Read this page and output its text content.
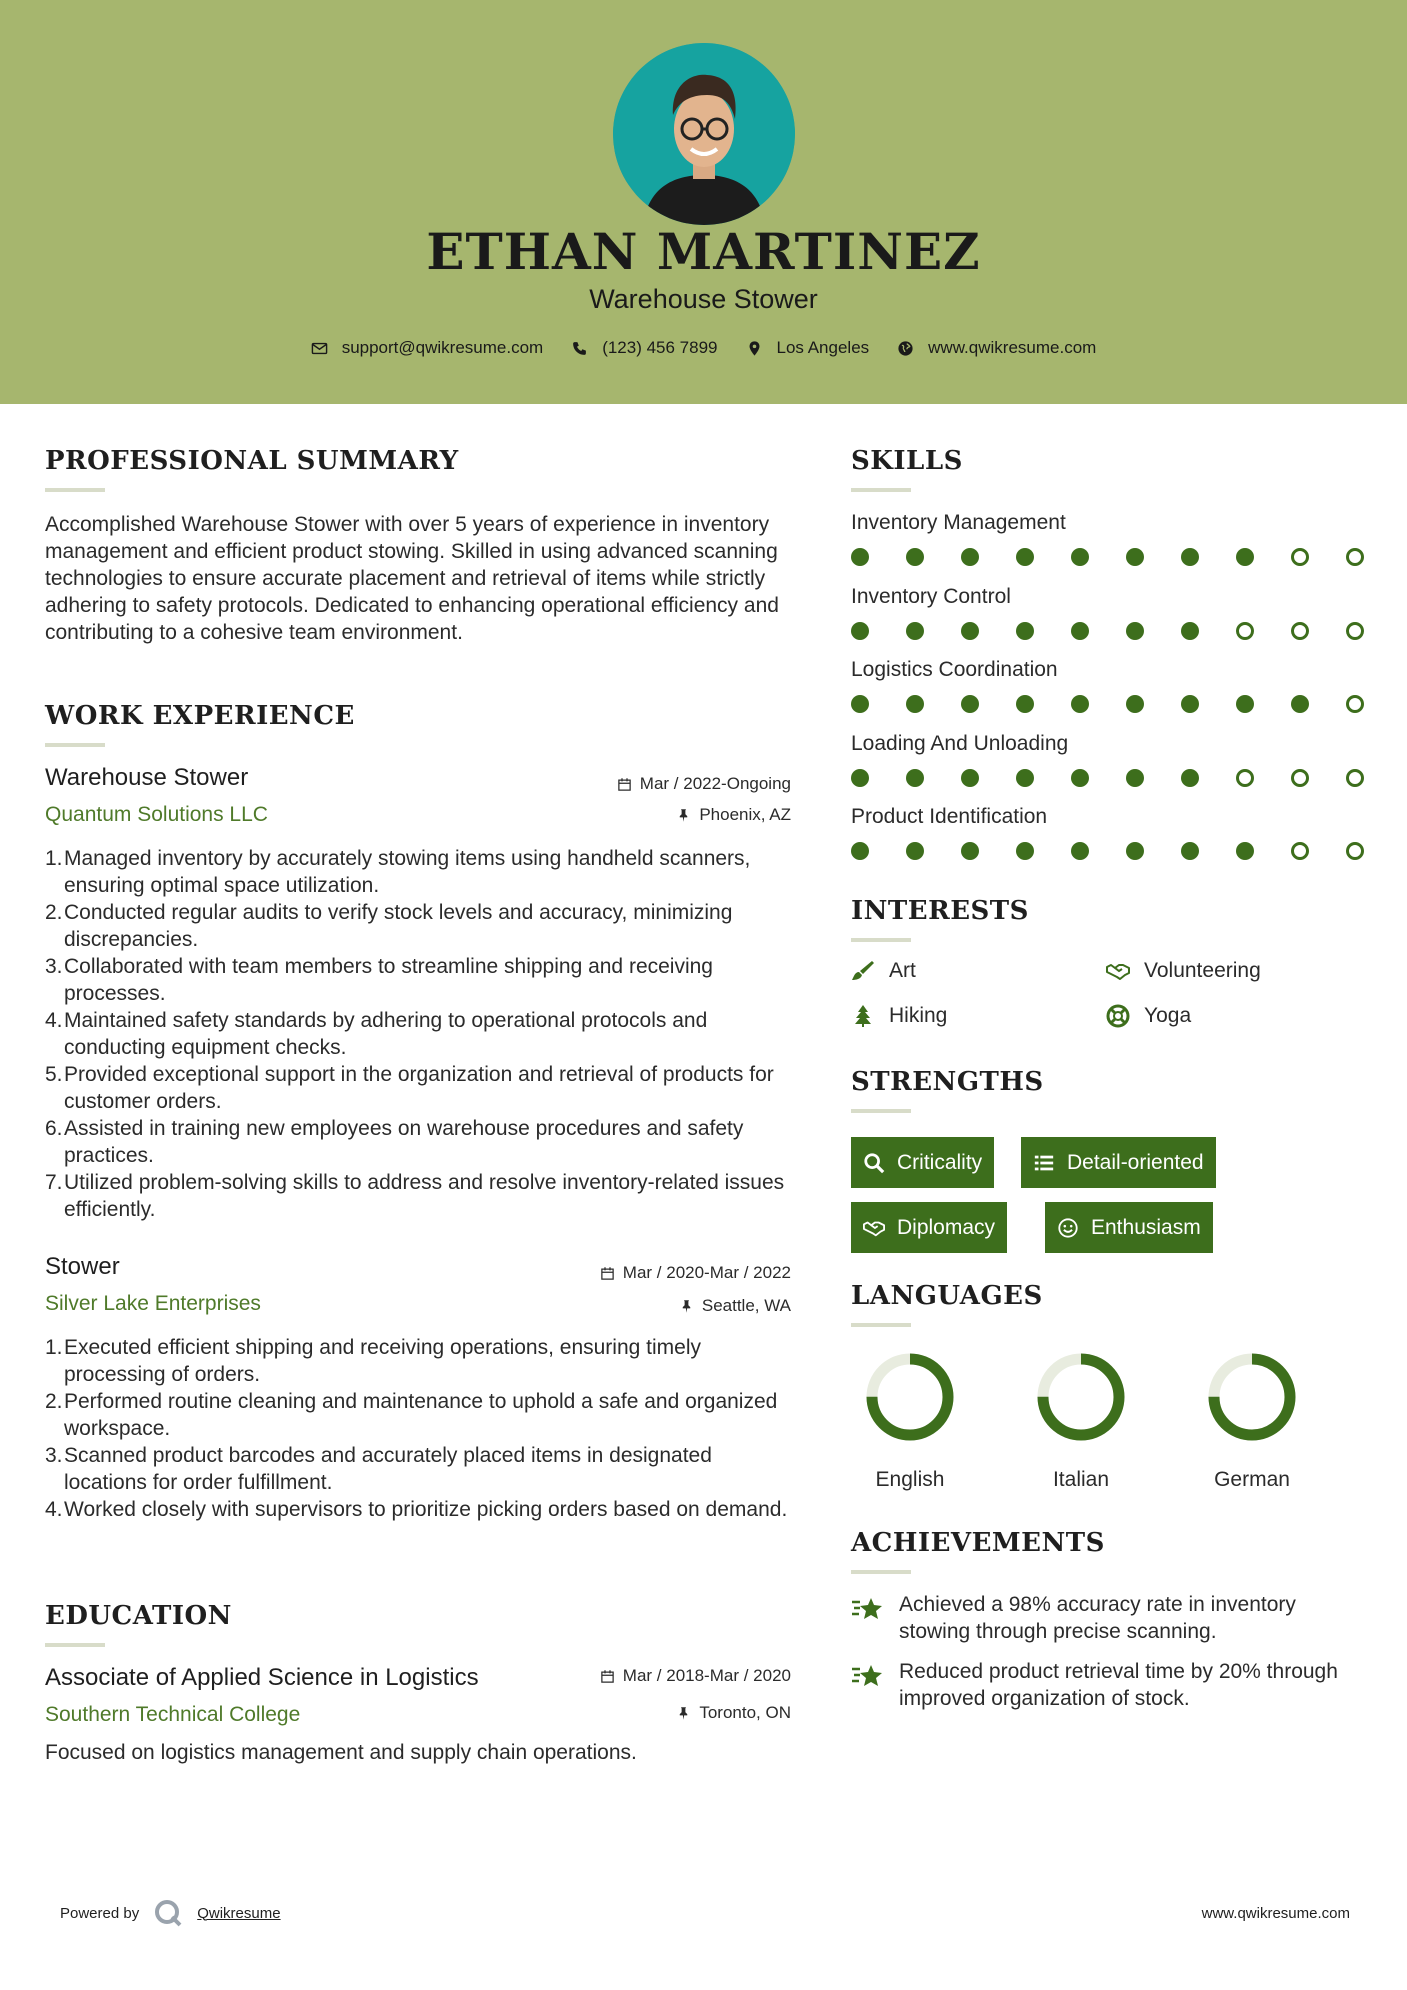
ETHAN MARTINEZ
Warehouse Stower
support@qwikresume.com	(123) 456 7899	Los Angeles	www.qwikresume.com
PROFESSIONAL SUMMARY
Accomplished Warehouse Stower with over 5 years of experience in inventory management and efficient product stowing. Skilled in using advanced scanning technologies to ensure accurate placement and retrieval of items while strictly adhering to safety protocols. Dedicated to enhancing operational efficiency and contributing to a cohesive team environment.
WORK EXPERIENCE
Warehouse Stower
Quantum Solutions LLC
Mar / 2022-Ongoing
Phoenix, AZ
1. Managed inventory by accurately stowing items using handheld scanners, ensuring optimal space utilization.
2. Conducted regular audits to verify stock levels and accuracy, minimizing discrepancies.
3. Collaborated with team members to streamline shipping and receiving processes.
4. Maintained safety standards by adhering to operational protocols and conducting equipment checks.
5. Provided exceptional support in the organization and retrieval of products for customer orders.
6. Assisted in training new employees on warehouse procedures and safety practices.
7. Utilized problem-solving skills to address and resolve inventory-related issues efficiently.
Stower
Silver Lake Enterprises
Mar / 2020-Mar / 2022
Seattle, WA
1. Executed efficient shipping and receiving operations, ensuring timely processing of orders.
2. Performed routine cleaning and maintenance to uphold a safe and organized workspace.
3. Scanned product barcodes and accurately placed items in designated locations for order fulfillment.
4. Worked closely with supervisors to prioritize picking orders based on demand.
EDUCATION
Associate of Applied Science in Logistics
Southern Technical College
Mar / 2018-Mar / 2020
Toronto, ON
Focused on logistics management and supply chain operations.
SKILLS
Inventory Management
Inventory Control
Logistics Coordination
Loading And Unloading
Product Identification
INTERESTS
Art	Volunteering
Hiking	Yoga
STRENGTHS
Criticality	Detail-oriented
Diplomacy	Enthusiasm
LANGUAGES
English	Italian	German
ACHIEVEMENTS
Achieved a 98% accuracy rate in inventory stowing through precise scanning.
Reduced product retrieval time by 20% through improved organization of stock.
Powered by	Qwikresume	www.qwikresume.com
